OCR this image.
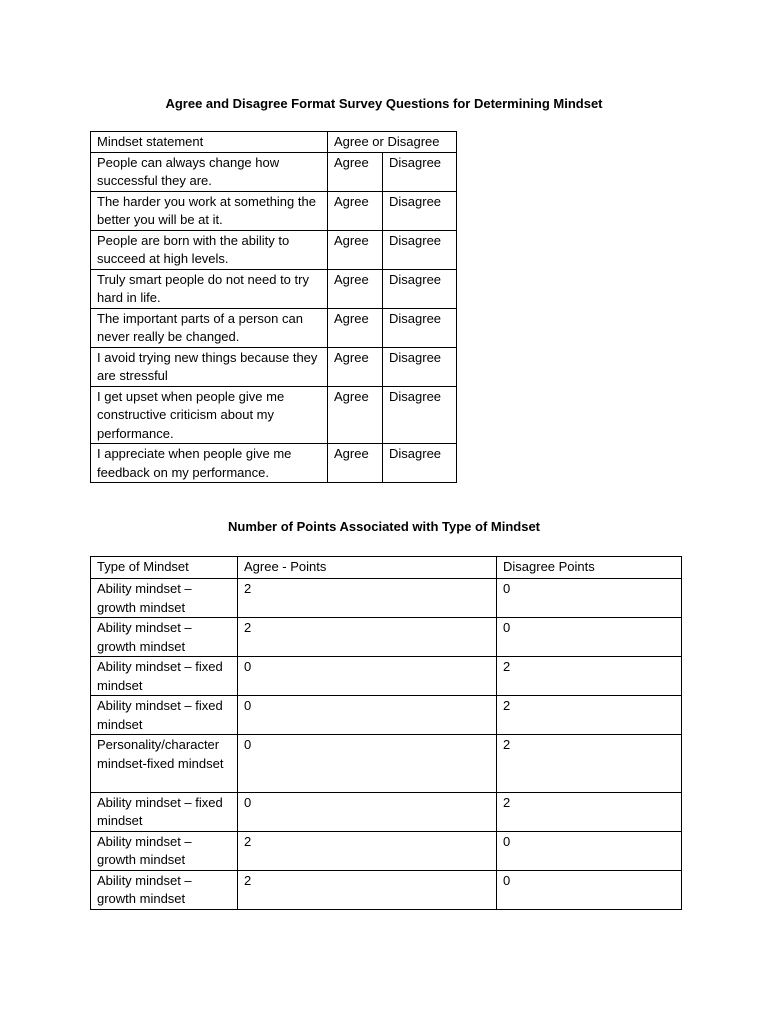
Agree and Disagree Format Survey Questions for Determining Mindset
Mindset statement	Agree or Disagree	
People can always change how successful they are.	Agree	Disagree
The harder you work at something the better you will be at it.	Agree	Disagree
People are born with the ability to succeed at high levels.	Agree	Disagree
Truly smart people do not need to try hard in life.	Agree	Disagree
The important parts of a person can never really be changed.	Agree	Disagree
I avoid trying new things because they are stressful	Agree	Disagree
I get upset when people give me constructive criticism about my performance.	Agree	Disagree
I appreciate when people give me feedback on my performance.	Agree	Disagree
Number of Points Associated with Type of Mindset
Type of Mindset	Agree - Points	Disagree Points
Ability mindset – growth mindset	2	0
Ability mindset – growth mindset	2	0
Ability mindset – fixed mindset	0	2
Ability mindset – fixed mindset	0	2
Personality/character mindset-fixed mindset	0	2
Ability mindset – fixed mindset	0	2
Ability mindset – growth mindset	2	0
Ability mindset – growth mindset	2	0
